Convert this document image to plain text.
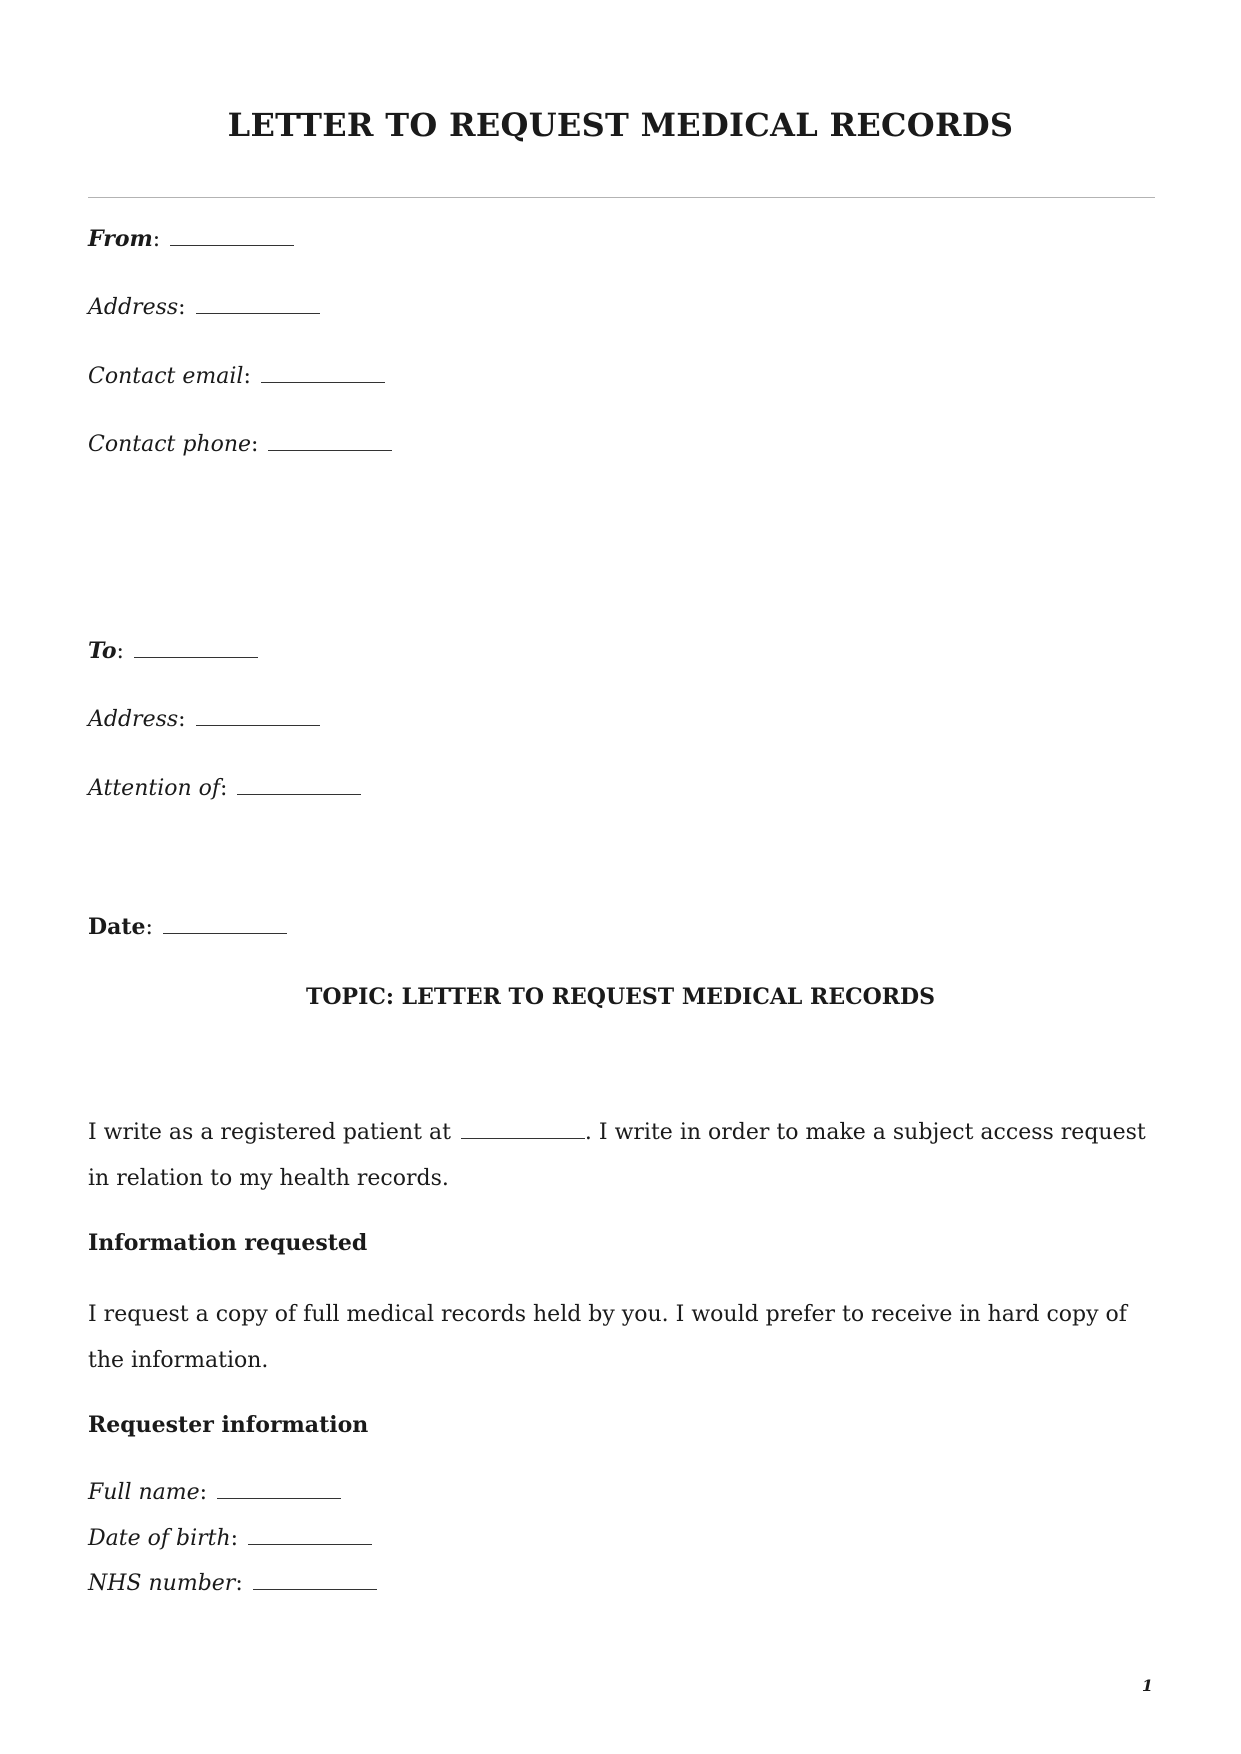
LETTER TO REQUEST MEDICAL RECORDS

From:

Address:

Contact email:

Contact phone:

To:

Address:

Attention of:

Date:

TOPIC: LETTER TO REQUEST MEDICAL RECORDS

I write as a registered patient at	. I write in order to make a subject access request in relation to my health records.

Information requested

I request a copy of full medical records held by you. I would prefer to receive in hard copy of the information.

Requester information

Full name:

Date of birth:

NHS number:

1
